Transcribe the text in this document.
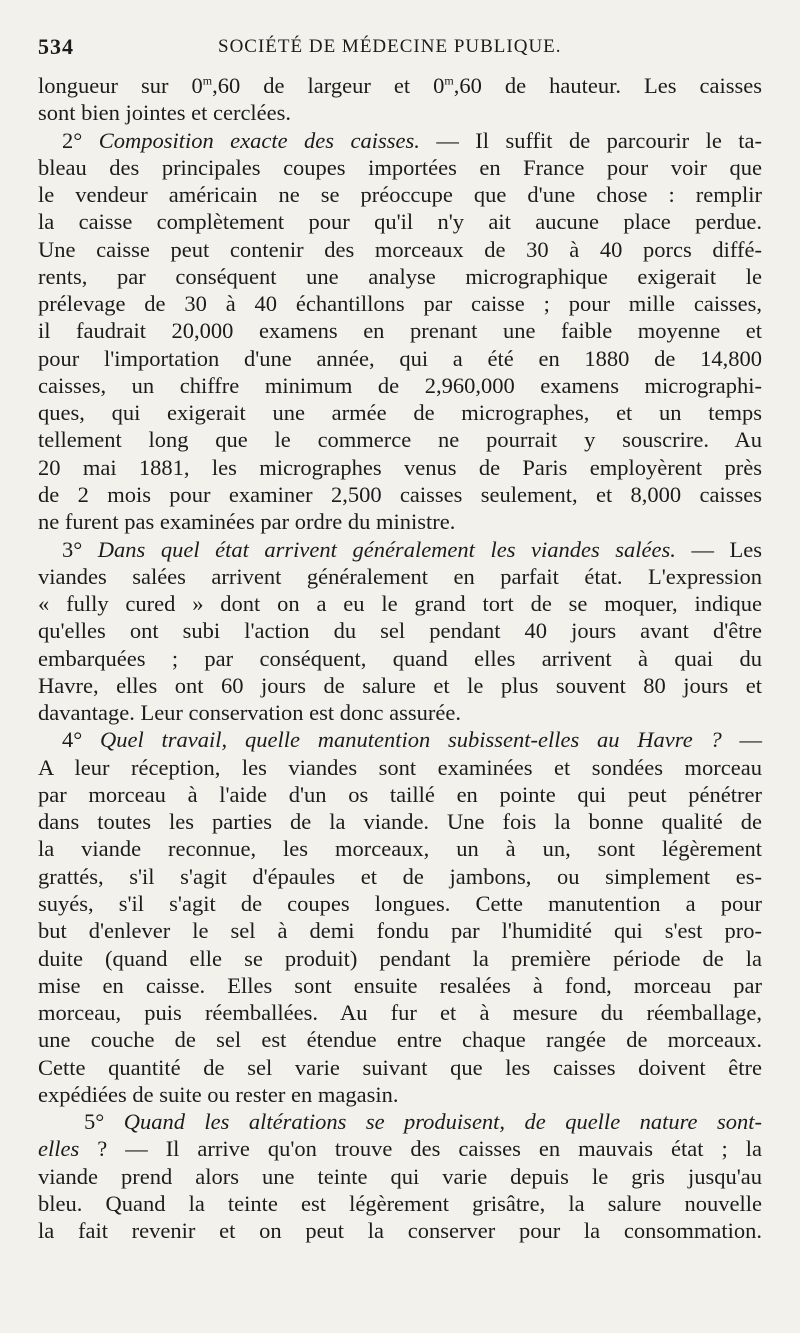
534	SOCIÉTÉ DE MÉDECINE PUBLIQUE.
longueur sur 0$^m$,60 de largeur et 0$^m$,60 de hauteur. Les caisses
sont bien jointes et cerclées.
2° Composition exacte des caisses. — Il suffit de parcourir le ta-
bleau des principales coupes importées en France pour voir que
le vendeur américain ne se préoccupe que d'une chose : remplir
la caisse complètement pour qu'il n'y ait aucune place perdue.
Une caisse peut contenir des morceaux de 30 à 40 porcs diffé-
rents, par conséquent une analyse micrographique exigerait le
prélevage de 30 à 40 échantillons par caisse ; pour mille caisses,
il faudrait 20,000 examens en prenant une faible moyenne et
pour l'importation d'une année, qui a été en 1880 de 14,800
caisses, un chiffre minimum de 2,960,000 examens micrographi-
ques, qui exigerait une armée de micrographes, et un temps
tellement long que le commerce ne pourrait y souscrire. Au
20 mai 1881, les micrographes venus de Paris employèrent près
de 2 mois pour examiner 2,500 caisses seulement, et 8,000 caisses
ne furent pas examinées par ordre du ministre.
3° Dans quel état arrivent généralement les viandes salées. — Les
viandes salées arrivent généralement en parfait état. L'expression
« fully cured » dont on a eu le grand tort de se moquer, indique
qu'elles ont subi l'action du sel pendant 40 jours avant d'être
embarquées ; par conséquent, quand elles arrivent à quai du
Havre, elles ont 60 jours de salure et le plus souvent 80 jours et
davantage. Leur conservation est donc assurée.
4° Quel travail, quelle manutention subissent-elles au Havre ? —
A leur réception, les viandes sont examinées et sondées morceau
par morceau à l'aide d'un os taillé en pointe qui peut pénétrer
dans toutes les parties de la viande. Une fois la bonne qualité de
la viande reconnue, les morceaux, un à un, sont légèrement
grattés, s'il s'agit d'épaules et de jambons, ou simplement es-
suyés, s'il s'agit de coupes longues. Cette manutention a pour
but d'enlever le sel à demi fondu par l'humidité qui s'est pro-
duite (quand elle se produit) pendant la première période de la
mise en caisse. Elles sont ensuite resalées à fond, morceau par
morceau, puis réemballées. Au fur et à mesure du réemballage,
une couche de sel est étendue entre chaque rangée de morceaux.
Cette quantité de sel varie suivant que les caisses doivent être
expédiées de suite ou rester en magasin.
5° Quand les altérations se produisent, de quelle nature sont-
elles ? — Il arrive qu'on trouve des caisses en mauvais état ; la
viande prend alors une teinte qui varie depuis le gris jusqu'au
bleu. Quand la teinte est légèrement grisâtre, la salure nouvelle
la fait revenir et on peut la conserver pour la consommation.
